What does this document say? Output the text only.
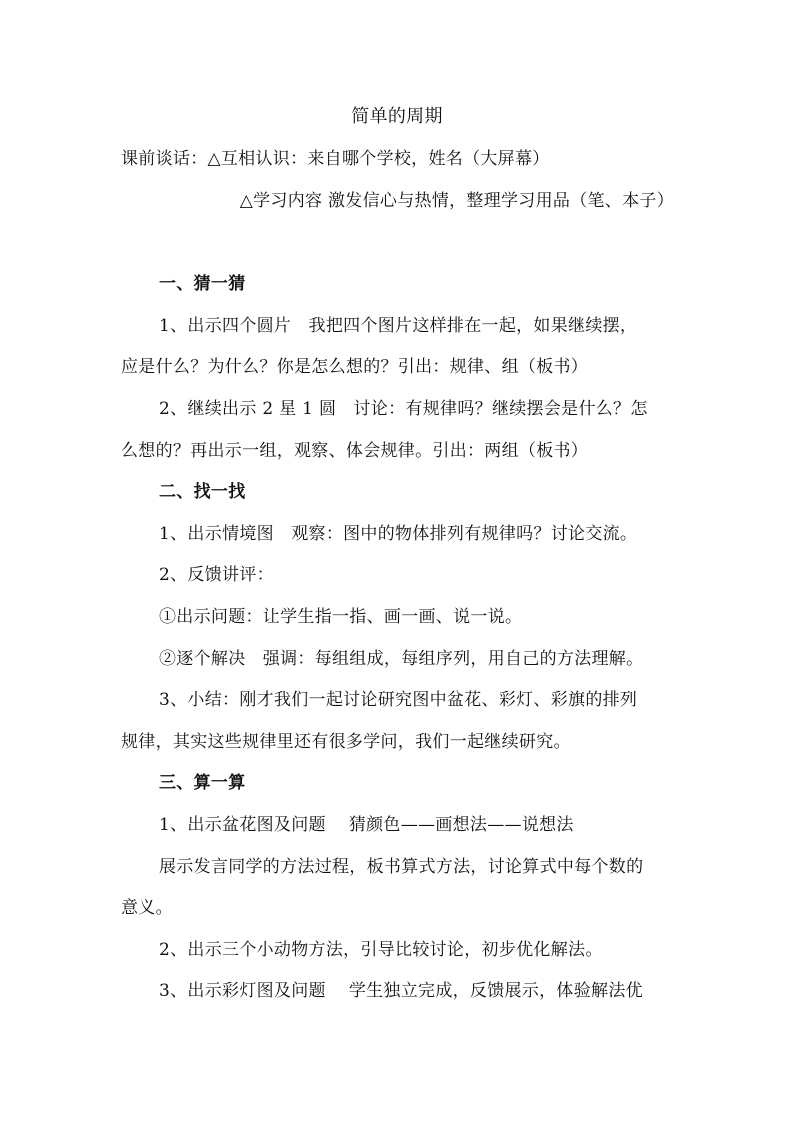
简单的周期
课前谈话：△互相认识：来自哪个学校，姓名（大屏幕）
△学习内容 激发信心与热情，整理学习用品（笔、本子）
一、猜一猜
1、出示四个圆片　我把四个图片这样排在一起，如果继续摆，
应是什么？为什么？你是怎么想的？引出：规律、组（板书）
2、继续出示 2 星 1 圆　讨论：有规律吗？继续摆会是什么？怎
么想的？再出示一组，观察、体会规律。引出：两组（板书）
二、找一找
1、出示情境图　观察：图中的物体排列有规律吗？讨论交流。
2、反馈讲评：
①出示问题：让学生指一指、画一画、说一说。
②逐个解决　强调：每组组成，每组序列，用自己的方法理解。
3、小结：刚才我们一起讨论研究图中盆花、彩灯、彩旗的排列
规律，其实这些规律里还有很多学问，我们一起继续研究。
三、算一算
1、出示盆花图及问题　 猜颜色——画想法——说想法
展示发言同学的方法过程，板书算式方法，讨论算式中每个数的
意义。
2、出示三个小动物方法，引导比较讨论，初步优化解法。
3、出示彩灯图及问题　 学生独立完成，反馈展示，体验解法优
